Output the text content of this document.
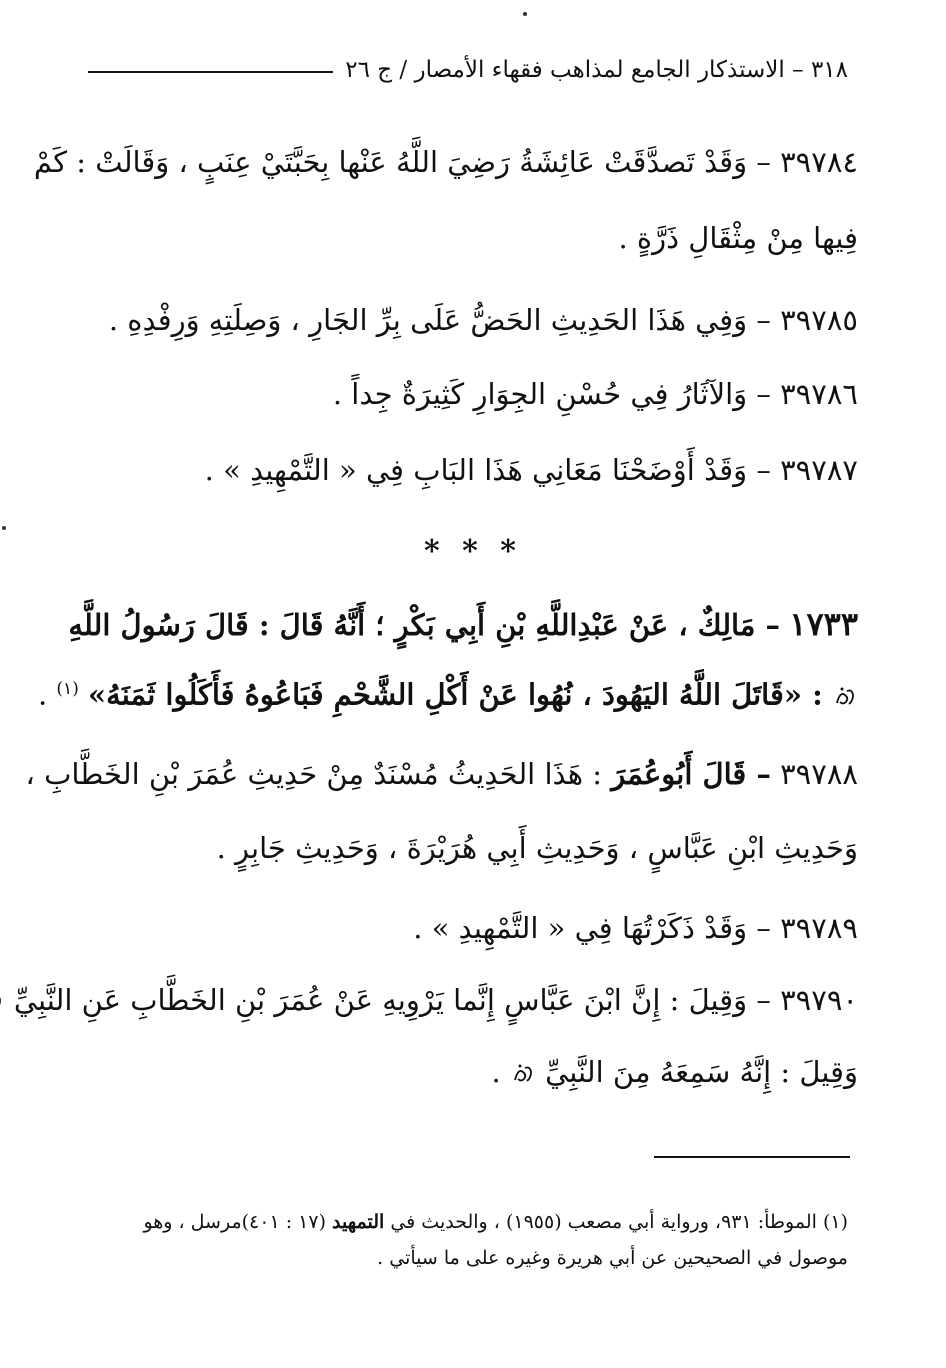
٣١٨ – الاستذكار الجامع لمذاهب فقهاء الأمصار / ج ٢٦
٣٩٧٨٤ – وَقَدْ تَصدَّقَتْ عَائِشَةُ رَضِيَ اللَّهُ عَنْها بِحَبَّتَيْ عِنَبٍ ، وَقَالَتْ : كَمْ
فِيها مِنْ مِثْقَالِ ذَرَّةٍ .
٣٩٧٨٥ – وَفِي هَذَا الحَدِيثِ الحَضُّ عَلَى بِرِّ الجَارِ ، وَصِلَتِهِ وَرِفْدِهِ .
٣٩٧٨٦ – وَالآثَارُ فِي حُسْنِ الجِوَارِ كَثِيرَةٌ جِداً .
٣٩٧٨٧ – وَقَدْ أَوْضَحْنَا مَعَانِي هَذَا البَابِ فِي « التَّمْهِيدِ » .
* * *
١٧٣٣ – مَالِكٌ ، عَنْ عَبْدِاللَّهِ بْنِ أَبِي بَكْرٍ ؛ أَنَّهُ قَالَ : قَالَ رَسُولُ اللَّهِ
: «قَاتَلَ اللَّهُ اليَهُودَ ، نُهُوا عَنْ أَكْلِ الشَّحْمِ فَبَاعُوهُ فَأَكَلُوا ثَمَنَهُ» $^{(١)}$ .
٣٩٧٨٨ – قَالَ أَبُوعُمَرَ : هَذَا الحَدِيثُ مُسْنَدٌ مِنْ حَدِيثِ عُمَرَ بْنِ الخَطَّابِ ،
وَحَدِيثِ ابْنِ عَبَّاسٍ ، وَحَدِيثِ أَبِي هُرَيْرَةَ ، وَحَدِيثِ جَابِرٍ .
٣٩٧٨٩ – وَقَدْ ذَكَرْتُهَا فِي « التَّمْهِيدِ » .
٣٩٧٩٠ – وَقِيلَ : إِنَّ ابْنَ عَبَّاسٍ إِنَّما يَرْوِيهِ عَنْ عُمَرَ بْنِ الخَطَّابِ عَنِ النَّبِيِّ
وَقِيلَ : إِنَّهُ سَمِعَهُ مِنَ النَّبِيِّ  .
(١) الموطأ: ٩٣١، ورواية أبي مصعب (١٩٥٥) ، والحديث في التمهيد (١٧ : ٤٠١)مرسل ، وهو
موصول في الصحيحين عن أبي هريرة وغيره على ما سيأتي .
